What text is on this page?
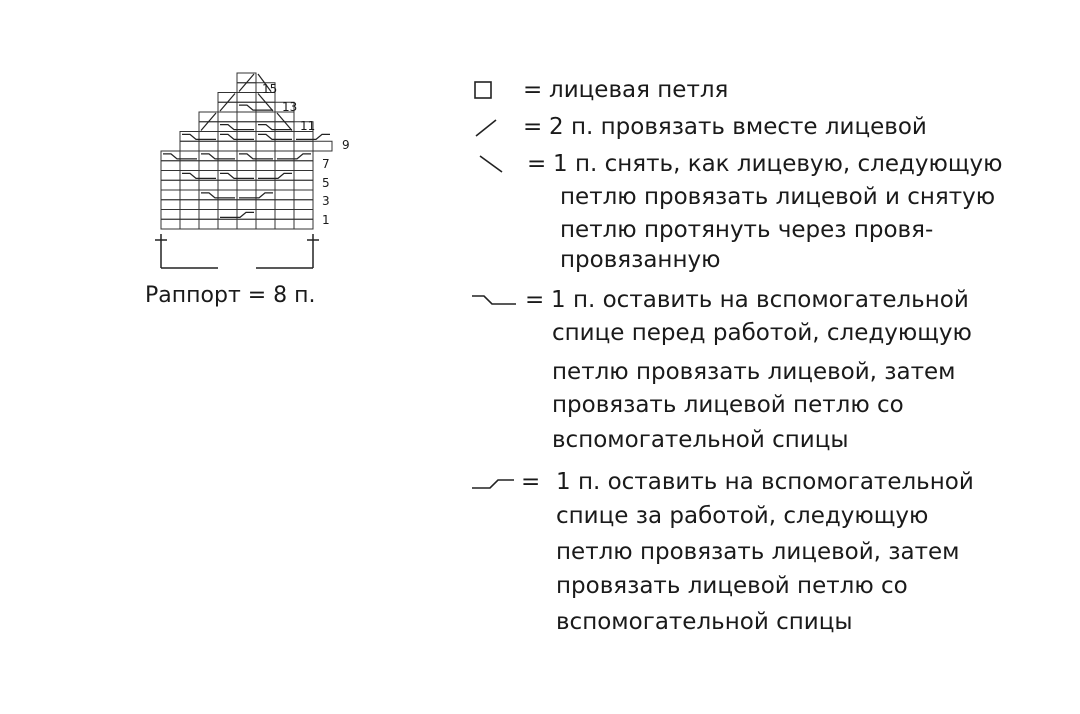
1
3
5
7
9
11
13
15
Раппорт = 8 п.
= лицевая петля
= 2 п. провязать вместе лицевой
= 1 п. снять, как лицевую, следующую
петлю провязать лицевой и снятую
петлю протянуть через провя-
провязанную
= 1 п. оставить на вспомогательной
спице перед работой, следующую
петлю провязать лицевой, затем
провязать лицевой петлю со
вспомогательной спицы
= 1 п. оставить на вспомогательной
спице за работой, следующую
петлю провязать лицевой, затем
провязать лицевой петлю со
вспомогательной спицы
